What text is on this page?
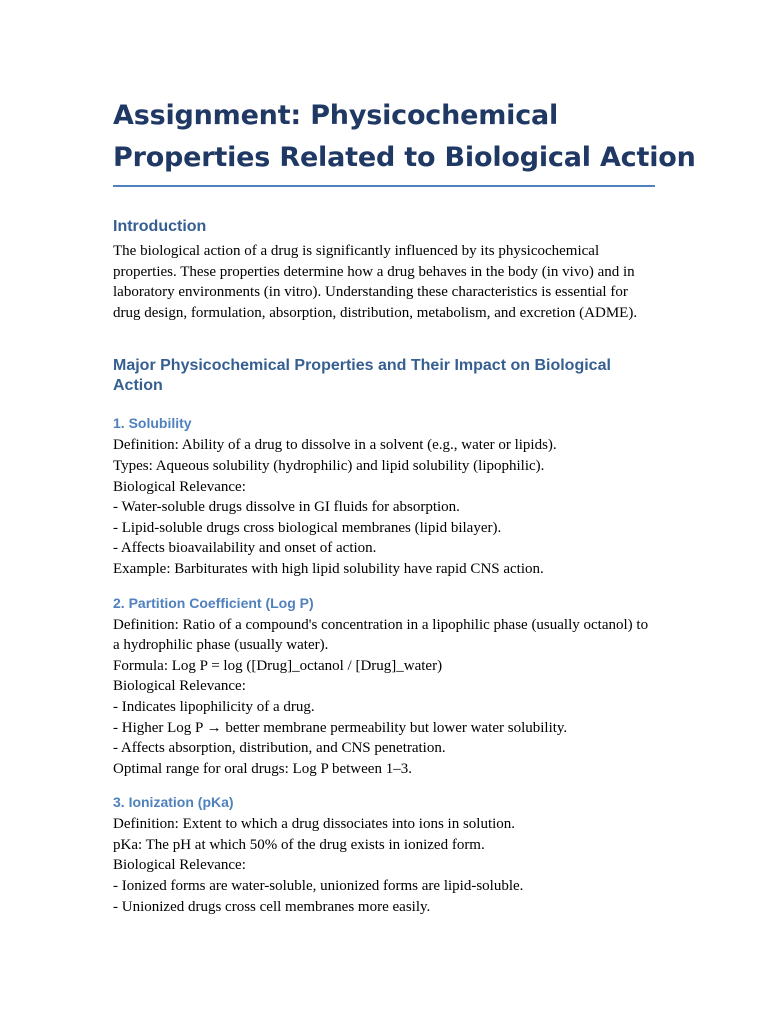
Assignment: Physicochemical
Properties Related to Biological Action
Introduction

The biological action of a drug is significantly influenced by its physicochemical
properties. These properties determine how a drug behaves in the body (in vivo) and in
laboratory environments (in vitro). Understanding these characteristics is essential for
drug design, formulation, absorption, distribution, metabolism, and excretion (ADME).

Major Physicochemical Properties and Their Impact on Biological Action
1. Solubility
Definition: Ability of a drug to dissolve in a solvent (e.g., water or lipids).
Types: Aqueous solubility (hydrophilic) and lipid solubility (lipophilic).
Biological Relevance:
- Water-soluble drugs dissolve in GI fluids for absorption.
- Lipid-soluble drugs cross biological membranes (lipid bilayer).
- Affects bioavailability and onset of action.
Example: Barbiturates with high lipid solubility have rapid CNS action.
2. Partition Coefficient (Log P)
Definition: Ratio of a compound's concentration in a lipophilic phase (usually octanol) to
a hydrophilic phase (usually water).
Formula: Log P = log ([Drug]_octanol / [Drug]_water)
Biological Relevance:
- Indicates lipophilicity of a drug.
- Higher Log P → better membrane permeability but lower water solubility.
- Affects absorption, distribution, and CNS penetration.
Optimal range for oral drugs: Log P between 1–3.
3. Ionization (pKa)
Definition: Extent to which a drug dissociates into ions in solution.
pKa: The pH at which 50% of the drug exists in ionized form.
Biological Relevance:
- Ionized forms are water-soluble, unionized forms are lipid-soluble.
- Unionized drugs cross cell membranes more easily.
